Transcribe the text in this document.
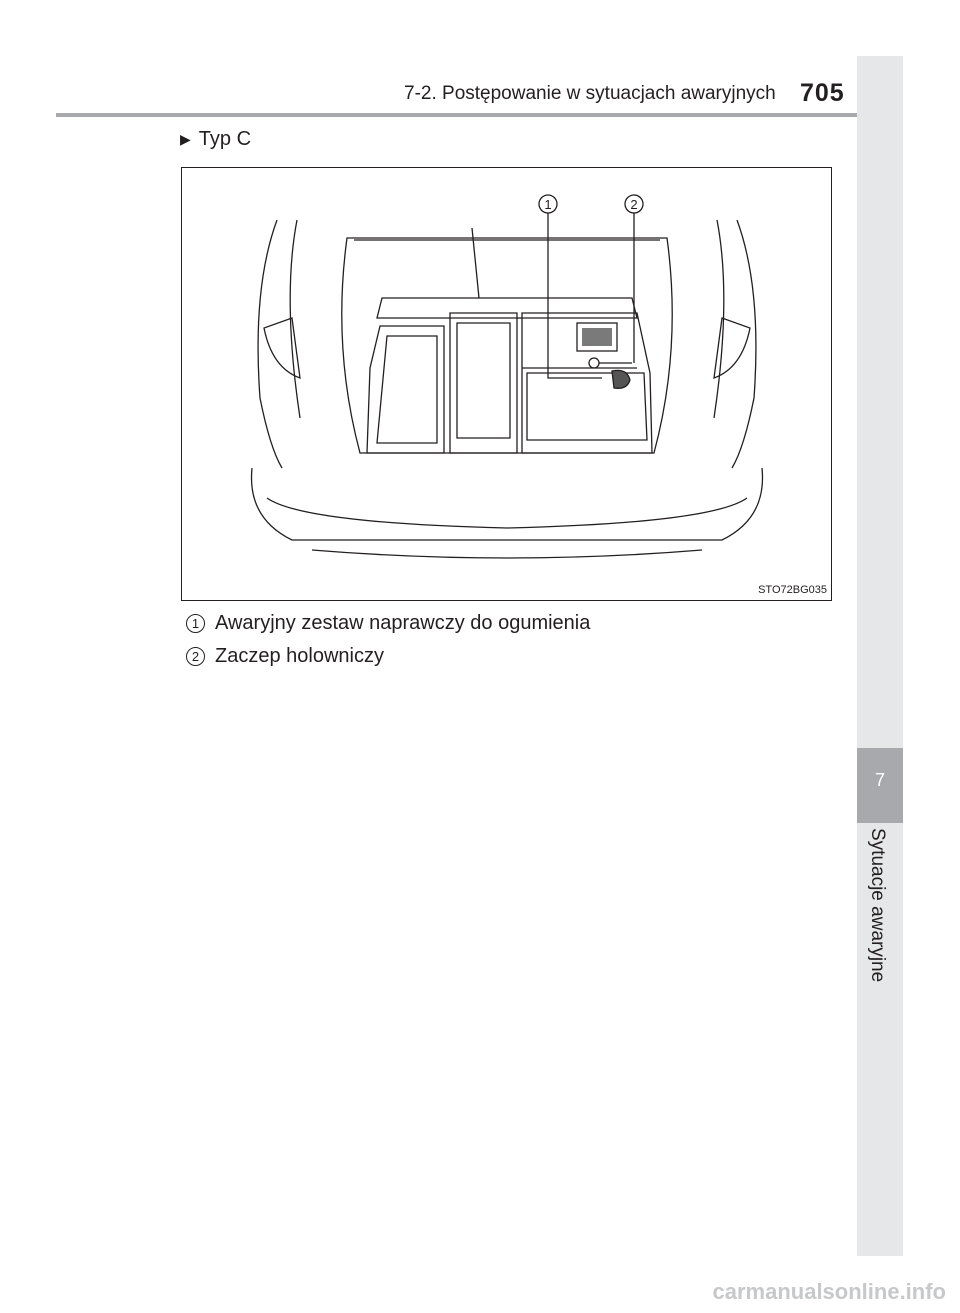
7-2. Postępowanie w sytuacjach awaryjnych 705
7
Sytuacje awaryjne
▶ Typ C
1	2
STO72BG035
1 Awaryjny zestaw naprawczy do ogumienia
2 Zaczep holowniczy
carmanualsonline.info
